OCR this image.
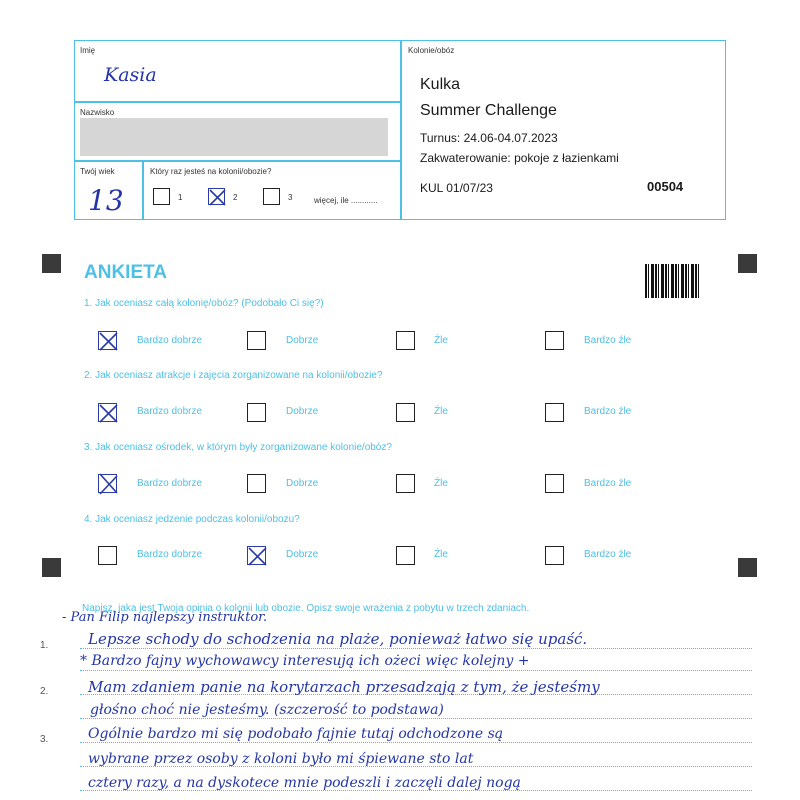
Imię
Kasia
Nazwisko
Twój wiek
13
Który raz jesteś na kolonii/obozie?
1	2	3	więcej, ile ............
Kolonie/obóz
Kulka
Summer Challenge
Turnus: 24.06-04.07.2023
Zakwaterowanie: pokoje z łazienkami
KUL 01/07/23	00504
ANKIETA
1. Jak oceniasz całą kolonię/obóz? (Podobało Ci się?)
2. Jak oceniasz atrakcje i zajęcia zorganizowane na kolonii/obozie?
3. Jak oceniasz ośrodek, w którym były zorganizowane kolonie/obóz?
4. Jak oceniasz jedzenie podczas kolonii/obozu?
Bardzo dobrze	Dobrze	Źle	Bardzo źle
Bardzo dobrze	Dobrze	Źle	Bardzo źle
Bardzo dobrze	Dobrze	Źle	Bardzo źle
Bardzo dobrze	Dobrze	Źle	Bardzo źle
Napisz, jaka jest Twoja opinia o kolonii lub obozie. Opisz swoje wrażenia z pobytu w trzech zdaniach.
1.
2.
3.
- Pan Filip najlepszy instruktor.
Lepsze schody do schodzenia na plaże, ponieważ łatwo się upaść.
* Bardzo fajny wychowawcy interesują ich ożeci więc kolejny +
Mam zdaniem panie na korytarzach przesadzają z tym, że jesteśmy
głośno choć nie jesteśmy. (szczerość to podstawa)
Ogólnie bardzo mi się podobało fajnie tutaj odchodzone są
wybrane przez osoby z koloni było mi śpiewane sto lat
cztery razy, a na dyskotece mnie podeszli i zaczęli dalej nogą
